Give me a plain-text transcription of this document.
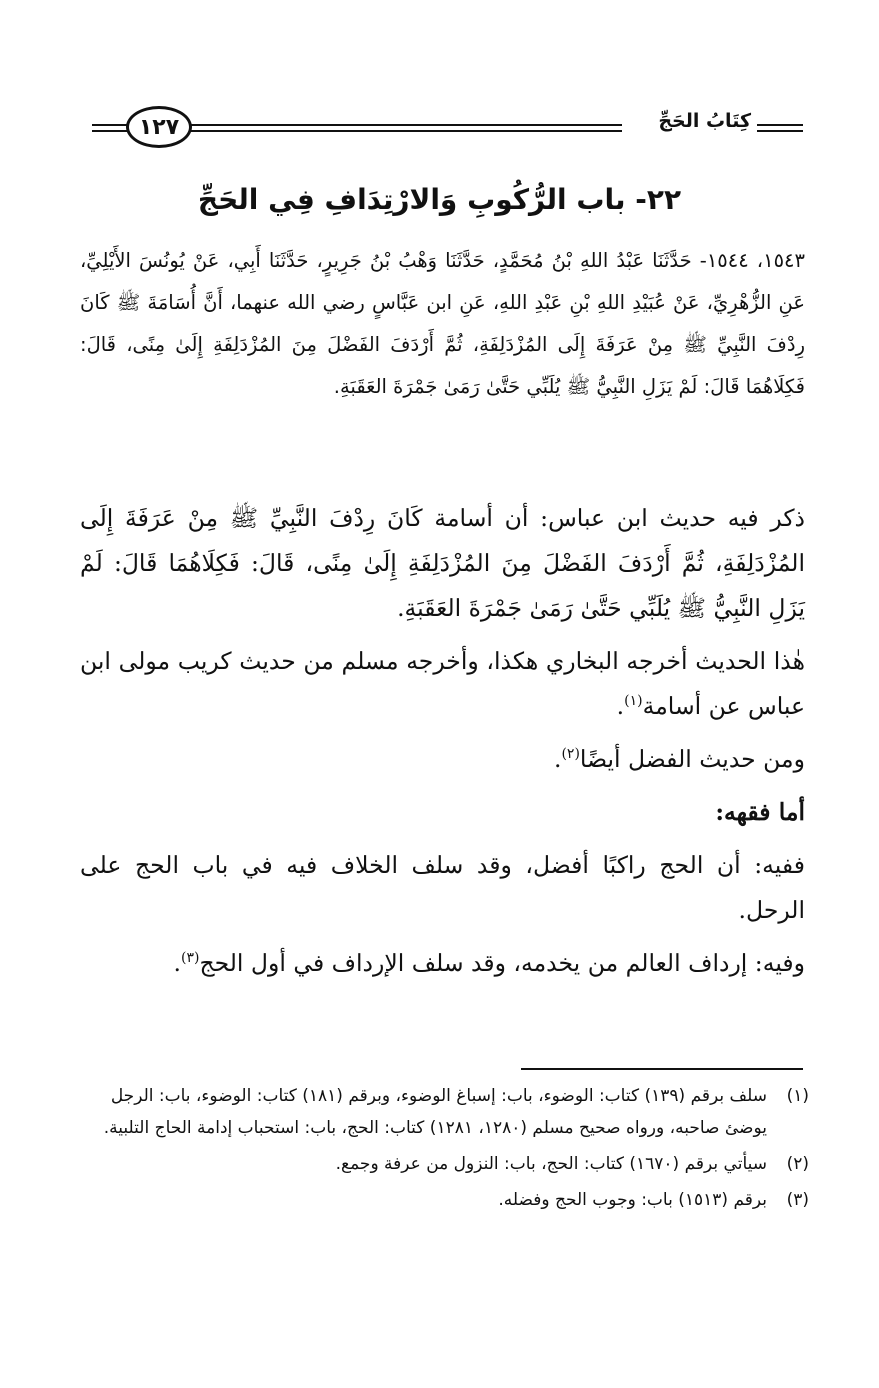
١٢٧	كِتَابُ الحَجِّ
٢٢- باب الرُّكُوبِ وَالارْتِدَافِ فِي الحَجِّ
١٥٤٣، ١٥٤٤- حَدَّثَنَا عَبْدُ اللهِ بْنُ مُحَمَّدٍ، حَدَّثَنَا وَهْبُ بْنُ جَرِيرٍ، حَدَّثَنَا أَبِي، عَنْ يُونُسَ الأَيْلِيِّ، عَنِ الزُّهْرِيِّ، عَنْ عُبَيْدِ اللهِ بْنِ عَبْدِ اللهِ، عَنِ ابن عَبَّاسٍ رضي الله عنهما، أَنَّ أُسَامَةَ ﷺ كَانَ رِدْفَ النَّبِيِّ ﷺ مِنْ عَرَفَةَ إِلَى المُزْدَلِفَةِ، ثُمَّ أَرْدَفَ الفَضْلَ مِنَ المُزْدَلِفَةِ إِلَىٰ مِنًى، قَالَ: فَكِلَاهُمَا قَالَ: لَمْ يَزَلِ النَّبِيُّ ﷺ يُلَبِّي حَتَّىٰ رَمَىٰ جَمْرَةَ العَقَبَةِ.

ذكر فيه حديث ابن عباس: أن أسامة كَانَ رِدْفَ النَّبِيِّ ﷺ مِنْ عَرَفَةَ إِلَى المُزْدَلِفَةِ، ثُمَّ أَرْدَفَ الفَضْلَ مِنَ المُزْدَلِفَةِ إِلَىٰ مِنًى، قَالَ: فَكِلَاهُمَا قَالَ: لَمْ يَزَلِ النَّبِيُّ ﷺ يُلَبِّي حَتَّىٰ رَمَىٰ جَمْرَةَ العَقَبَةِ.

هٰذا الحديث أخرجه البخاري هكذا، وأخرجه مسلم من حديث كريب مولى ابن عباس عن أسامة$^{(١)}$.

ومن حديث الفضل أيضًا$^{(٢)}$.

أما فقهه:

ففيه: أن الحج راكبًا أفضل، وقد سلف الخلاف فيه في باب الحج على الرحل.

وفيه: إرداف العالم من يخدمه، وقد سلف الإرداف في أول الحج$^{(٣)}$.

(١)
سلف برقم (١٣٩) كتاب: الوضوء، باب: إسباغ الوضوء، وبرقم (١٨١) كتاب: الوضوء، باب: الرجل يوضئ صاحبه، ورواه صحيح مسلم (١٢٨٠، ١٢٨١) كتاب: الحج، باب: استحباب إدامة الحاج التلبية.
(٢)
سيأتي برقم (١٦٧٠) كتاب: الحج، باب: النزول من عرفة وجمع.
(٣)
برقم (١٥١٣) باب: وجوب الحج وفضله.
